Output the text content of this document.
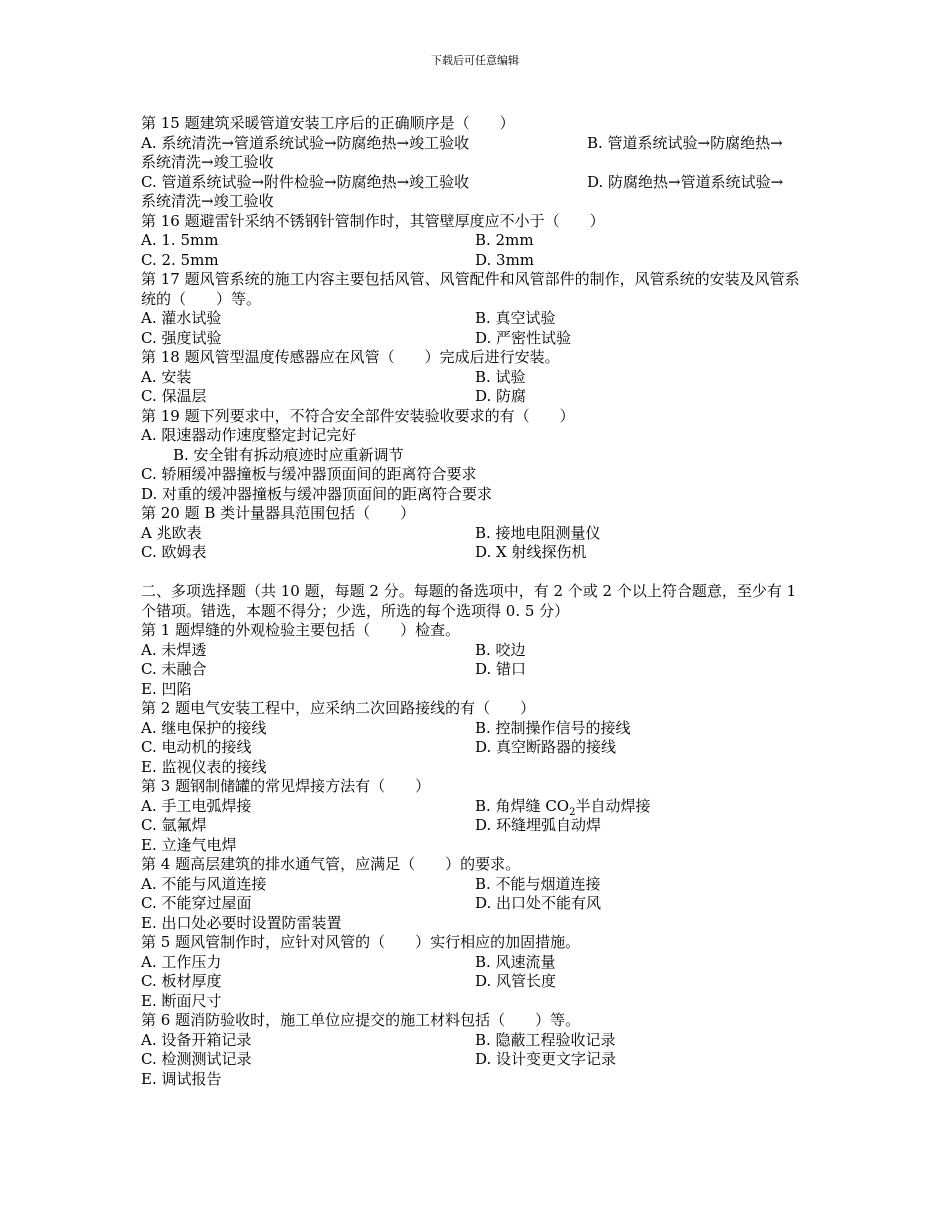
下载后可任意编辑
第 15 题建筑采暖管道安装工序后的正确顺序是（　　）
A. 系统清洗→管道系统试验→防腐绝热→竣工验收	B. 管道系统试验→防腐绝热→
系统清洗→竣工验收
C. 管道系统试验→附件检验→防腐绝热→竣工验收	D. 防腐绝热→管道系统试验→
系统清洗→竣工验收
第 16 题避雷针采纳不锈钢针管制作时，其管壁厚度应不小于（　　）
A. 1. 5mm	B. 2mm
C. 2. 5mm	D. 3mm
第 17 题风管系统的施工内容主要包括风管、风管配件和风管部件的制作，风管系统的安装及风管系统的（　　）等。
A. 灌水试验	B. 真空试验
C. 强度试验	D. 严密性试验
第 18 题风管型温度传感器应在风管（　　）完成后进行安装。
A. 安装	B. 试验
C. 保温层	D. 防腐
第 19 题下列要求中，不符合安全部件安装验收要求的有（　　）
A. 限速器动作速度整定封记完好
B. 安全钳有拆动痕迹时应重新调节
C. 轿厢缓冲器撞板与缓冲器顶面间的距离符合要求
D. 对重的缓冲器撞板与缓冲器顶面间的距离符合要求
第 20 题 B 类计量器具范围包括（　　）
A 兆欧表	B. 接地电阻测量仪
C. 欧姆表	D. X 射线探伤机
二、多项选择题（共 10 题，每题 2 分。每题的备选项中，有 2 个或 2 个以上符合题意，至少有 1 个错项。错选，本题不得分；少选，所选的每个选项得 0. 5 分）
第 1 题焊缝的外观检验主要包括（　　）检查。
A. 未焊透	B. 咬边
C. 未融合	D. 错口
E. 凹陷
第 2 题电气安装工程中，应采纳二次回路接线的有（　　）
A. 继电保护的接线	B. 控制操作信号的接线
C. 电动机的接线	D. 真空断路器的接线
E. 监视仪表的接线
第 3 题钢制储罐的常见焊接方法有（　　）
A. 手工电弧焊接	B. 角焊缝 $CO_2$半自动焊接
C. 氩氟焊	D. 环缝埋弧自动焊
E. 立逢气电焊
第 4 题高层建筑的排水通气管，应满足（　　）的要求。
A. 不能与风道连接	B. 不能与烟道连接
C. 不能穿过屋面	D. 出口处不能有风
E. 出口处必要时设置防雷装置
第 5 题风管制作时，应针对风管的（　　）实行相应的加固措施。
A. 工作压力	B. 风速流量
C. 板材厚度	D. 风管长度
E. 断面尺寸
第 6 题消防验收时，施工单位应提交的施工材料包括（　　）等。
A. 设备开箱记录	B. 隐蔽工程验收记录
C. 检测测试记录	D. 设计变更文字记录
E. 调试报告
